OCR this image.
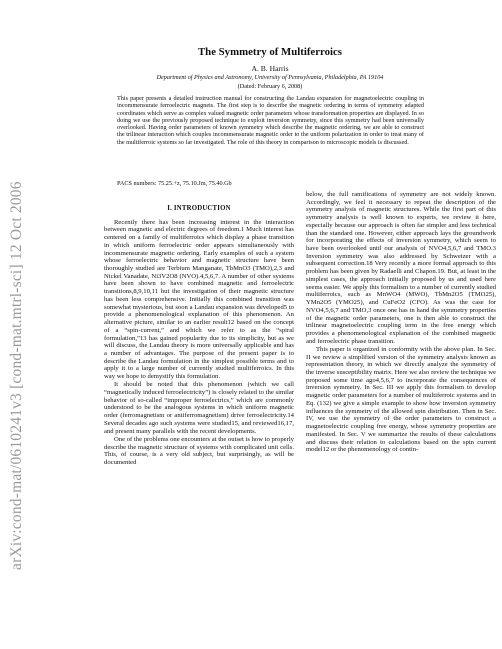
arXiv:cond-mat/0610241v3 [cond-mat.mtrl-sci] 12 Oct 2006
The Symmetry of Multiferroics
A. B. Harris
Department of Physics and Astronomy, University of Pennsylvania, Philadelphia, PA 19104
(Dated: February 6, 2008)

This paper presents a detailed instruction manual for constructing the Landau expansion for magnetoelectric coupling in incommensurate ferroelectric magnets. The first step is to describe the magnetic ordering in terms of symmetry adapted coordinates which serve as complex valued magnetic order parameters whose transformation properties are displayed. In so doing we use the previously proposed technique to exploit inversion symmetry, since this symmetry had been universally overlooked. Having order parameters of known symmetry which describe the magnetic ordering, we are able to construct the trilinear interaction which couples incommensurate magnetic order to the uniform polarization in order to treat many of the multiferroic systems so far investigated. The role of this theory in comparison to microscopic models is discussed.

PACS numbers: 75.25.+z, 75.10.Jm, 75.40.Gb

I. INTRODUCTION

Recently there has been increasing interest in the interaction between magnetic and electric degrees of freedom.1 Much interest has centered on a family of multiferroics which display a phase transition in which uniform ferroelectric order appears simultaneously with incommensurate magnetic ordering. Early examples of such a system whose ferroelectric behavior and magnetic structure have been thoroughly studied are Terbium Manganate, TbMnO3 (TMO),2,3 and Nickel Vanadate, Ni3V2O8 (NVO).4,5,6,7. A number of other systems have been shown to have combined magnetic and ferroelectric transitions,8,9,10,11 but the investigation of their magnetic structure has been less comprehensive. Initially this combined transition was somewhat mysterious, but soon a Landau expansion was developed5 to provide a phenomenological explanation of this phenomenon. An alternative picture, similar to an earlier result12 based on the concept of a “spin-current,” and which we refer to as the “spiral formulation,”13 has gained popularity due to its simplicity, but as we will discuss, the Landau theory is more universally applicable and has a number of advantages. The purpose of the present paper is to describe the Landau formulation in the simplest possible terms and to apply it to a large number of currently studied multiferroics. In this way we hope to demystify this formulation.

It should be noted that this phenomenon (which we call “magnetically induced ferroelectricity”) is closely related to the similar behavior of so-called “improper ferroelectrics,” which are commonly understood to be the analogous systems in which uniform magnetic order (ferromagnetism or antiferromagnetism) drive ferroelectricity.14 Several decades ago such systems were studied15, and reviewed16,17, and present many parallels with the recent developments.

One of the problems one encounters at the outset is how to properly describe the magnetic structure of systems with complicated unit cells. This, of course, is a very old subject, but surprisingly, as will be documented

below, the full ramifications of symmetry are not widely known. Accordingly, we feel it necessary to repeat the description of the symmetry analysis of magnetic structures. While the first part of this symmetry analysis is well known to experts, we review it here, especially because our approach is often far simpler and less technical than the standard one. However, either approach lays the groundwork for incorporating the effects of inversion symmetry, which seem to have been overlooked until our analysis of NVO4,5,6,7 and TMO.3 Inversion symmetry was also addressed by Schweizer with a subsequent correction.18 Very recently a more formal approach to this problem has been given by Radaelli and Chapon.19. But, at least in the simplest cases, the approach initially proposed by us and used here seems easier. We apply this formalism to a number of currently studied multiferroics, such as MnWO4 (MWO), TbMn2O5 (TMO25), YMn2O5 (YMO25), and CuFeO2 (CFO). As was the case for NVO4,5,6,7 and TMO,3 once one has in hand the symmetry properties of the magnetic order parameters, one is then able to construct the trilinear magnetoelectric coupling term in the free energy which provides a phenomenological explanation of the combined magnetic and ferroelectric phase transition.

This paper is organized in conformity with the above plan. In Sec. II we review a simplified version of the symmetry analysis known as representation theory, in which we directly analyze the symmetry of the inverse susceptibility matrix. Here we also review the technique we proposed some time ago4,5,6,7 to incorporate the consequences of inversion symmetry. In Sec. III we apply this formalism to develop magnetic order parameters for a number of multiferroic systems and in Eq. (132) we give a simple example to show how inversion symmetry influences the symmetry of the allowed spin distribution. Then in Sec. IV, we use the symmetry of the order parameters to construct a magnetoelectric coupling free energy, whose symmetry properties are manifested. In Sec. V we summarize the results of these calculations and discuss their relation to calculations based on the spin current model12 or the phenomenology of contin-
